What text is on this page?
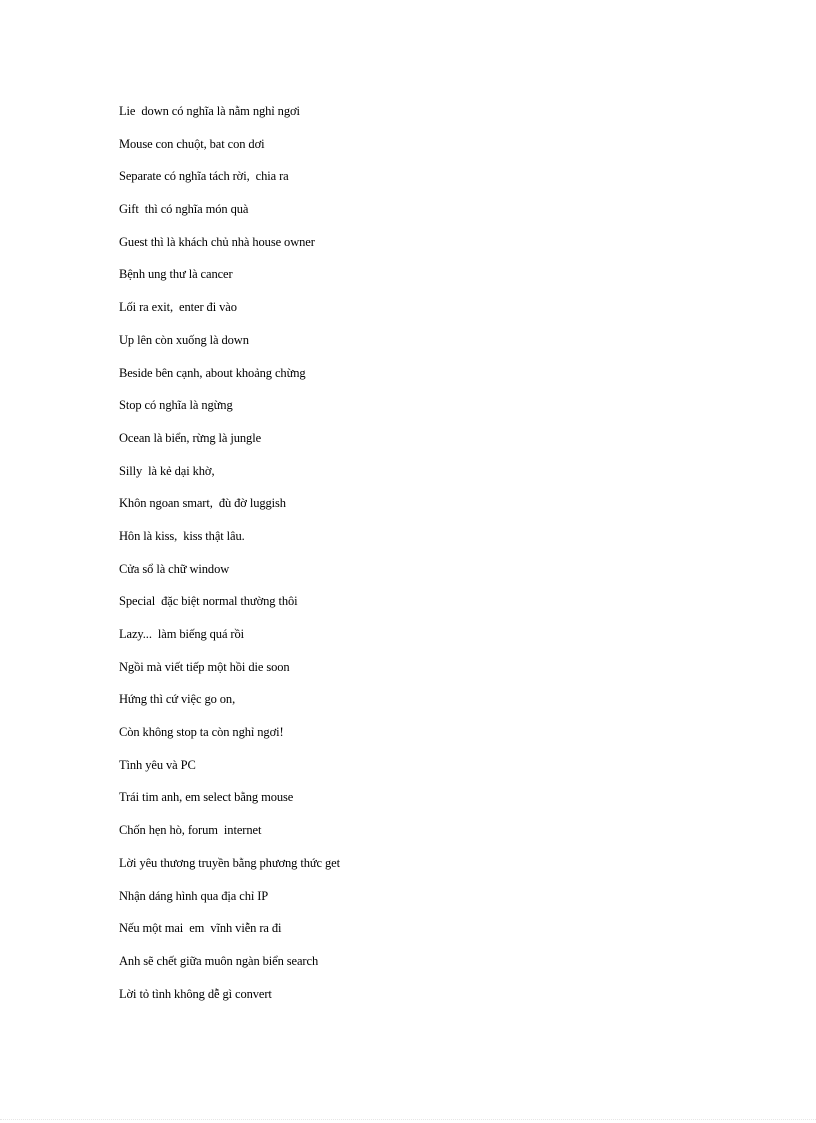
Lie  down có nghĩa là nằm nghỉ ngơi
Mouse con chuột, bat con dơi
Separate có nghĩa tách rời,  chia ra
Gift  thì có nghĩa món quà
Guest thì là khách chủ nhà house owner
Bệnh ung thư là cancer
Lối ra exit,  enter đi vào
Up lên còn xuống là down
Beside bên cạnh, about khoảng chừng
Stop có nghĩa là ngừng
Ocean là biển, rừng là jungle
Silly  là kẻ dại khờ,
Khôn ngoan smart,  đù đờ luggish
Hôn là kiss,  kiss thật lâu.
Cửa sổ là chữ window
Special  đặc biệt normal thường thôi
Lazy...  làm biếng quá rồi
Ngồi mà viết tiếp một hồi die soon
Hứng thì cứ việc go on,
Còn không stop ta còn nghỉ ngơi!
Tình yêu và PC
Trái tim anh, em select bằng mouse
Chốn hẹn hò, forum  internet
Lời yêu thương truyền bằng phương thức get
Nhận dáng hình qua địa chỉ IP
Nếu một mai  em  vĩnh viễn ra đi
Anh sẽ chết giữa muôn ngàn biển search
Lời tỏ tình không dễ gì convert
